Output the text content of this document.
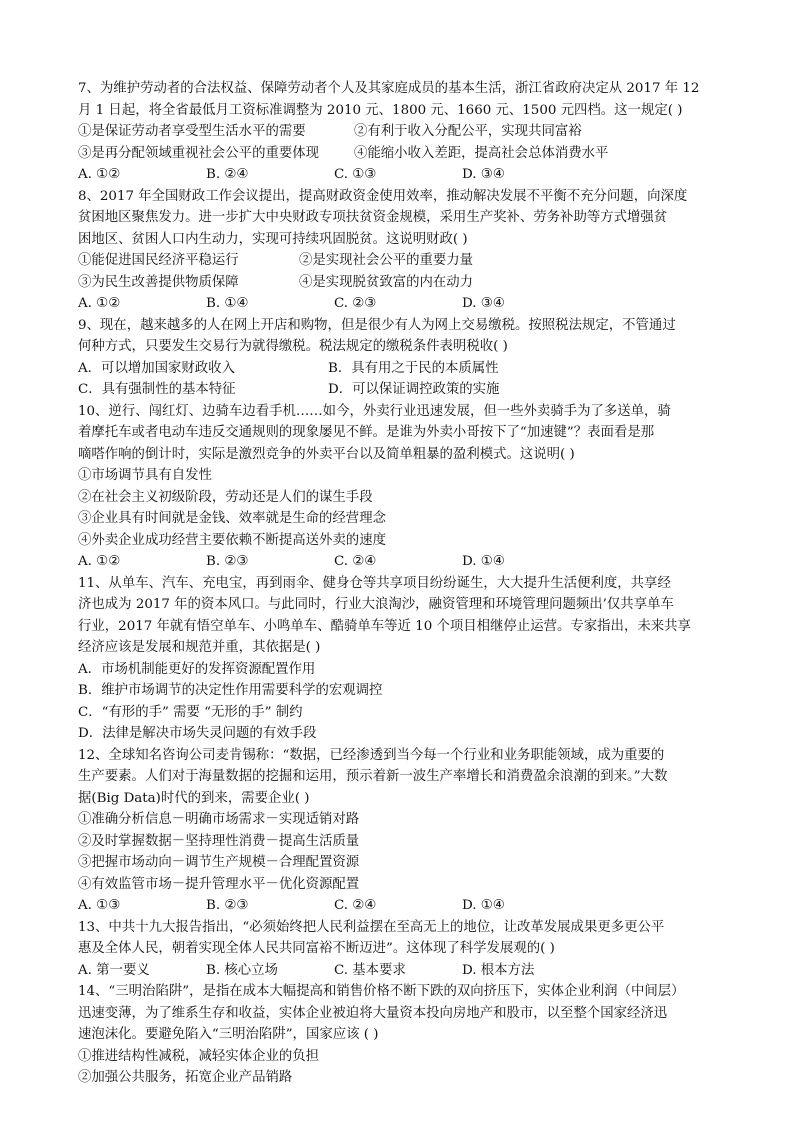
7、为维护劳动者的合法权益、保障劳动者个人及其家庭成员的基本生活，浙江省政府决定从 2017 年 12
月 1 日起，将全省最低月工资标准调整为 2010 元、1800 元、1660 元、1500 元四档。这一规定( )
①是保证劳动者享受型生活水平的需要	②有利于收入分配公平，实现共同富裕
③是再分配领域重视社会公平的重要体现	④能缩小收入差距，提高社会总体消费水平
A. ①②	B. ②④	C. ①③	D. ③④
8、2017 年全国财政工作会议提出，提高财政资金使用效率，推动解决发展不平衡不充分问题，向深度
贫困地区聚焦发力。进一步扩大中央财政专项扶贫资金规模，采用生产奖补、劳务补助等方式增强贫
困地区、贫困人口内生动力，实现可持续巩固脱贫。这说明财政( )
①能促进国民经济平稳运行	②是实现社会公平的重要力量
③为民生改善提供物质保障	④是实现脱贫致富的内在动力
A. ①②	B. ①④	C. ②③	D. ③④
9、现在，越来越多的人在网上开店和购物，但是很少有人为网上交易缴税。按照税法规定，不管通过
何种方式，只要发生交易行为就得缴税。税法规定的缴税条件表明税收( )
A．可以增加国家财政收入	B．具有用之于民的本质属性
C．具有强制性的基本特征	D．可以保证调控政策的实施
10、逆行、闯红灯、边骑车边看手机……如今，外卖行业迅速发展，但一些外卖骑手为了多送单，骑
着摩托车或者电动车违反交通规则的现象屡见不鲜。是谁为外卖小哥按下了“加速键”？表面看是那
嘀嗒作响的倒计时，实际是激烈竞争的外卖平台以及简单粗暴的盈利模式。这说明( )
①市场调节具有自发性
②在社会主义初级阶段，劳动还是人们的谋生手段
③企业具有时间就是金钱、效率就是生命的经营理念
④外卖企业成功经营主要依赖不断提高送外卖的速度
A. ①②	B. ②③	C. ②④	D. ①④
11、从单车、汽车、充电宝，再到雨伞、健身仓等共享项目纷纷诞生，大大提升生活便利度，共享经
济也成为 2017 年的资本风口。与此同时，行业大浪淘沙，融资管理和环境管理问题频出’仅共享单车
行业，2017 年就有悟空单车、小鸣单车、酷骑单车等近 10 个项目相继停止运营。专家指出，未来共享
经济应该是发展和规范并重，其依据是( )
A．市场机制能更好的发挥资源配置作用
B．维护市场调节的决定性作用需要科学的宏观调控
C．“有形的手” 需要 “无形的手” 制约
D．法律是解决市场失灵问题的有效手段
12、全球知名咨询公司麦肯锡称：“数据，已经渗透到当今每一个行业和业务职能领域，成为重要的
生产要素。人们对于海量数据的挖掘和运用，预示着新一波生产率增长和消费盈余浪潮的到来。”大数
据(Big Data)时代的到来，需要企业( )
①准确分析信息－明确市场需求－实现适销对路
②及时掌握数据－坚持理性消费－提高生活质量
③把握市场动向－调节生产规模－合理配置资源
④有效监管市场－提升管理水平－优化资源配置
A. ①③	B. ②③	C. ②④	D. ①④
13、中共十九大报告指出，“必须始终把人民利益摆在至高无上的地位，让改革发展成果更多更公平
惠及全体人民，朝着实现全体人民共同富裕不断迈进”。这体现了科学发展观的( )
A. 第一要义	B. 核心立场	C. 基本要求	D. 根本方法
14、“三明治陷阱”，是指在成本大幅提高和销售价格不断下跌的双向挤压下，实体企业利润（中间层）
迅速变薄，为了维系生存和收益，实体企业被迫将大量资本投向房地产和股市，以至整个国家经济迅
速泡沫化。要避免陷入“三明治陷阱”，国家应该 ( )
①推进结构性减税，减轻实体企业的负担
②加强公共服务，拓宽企业产品销路
